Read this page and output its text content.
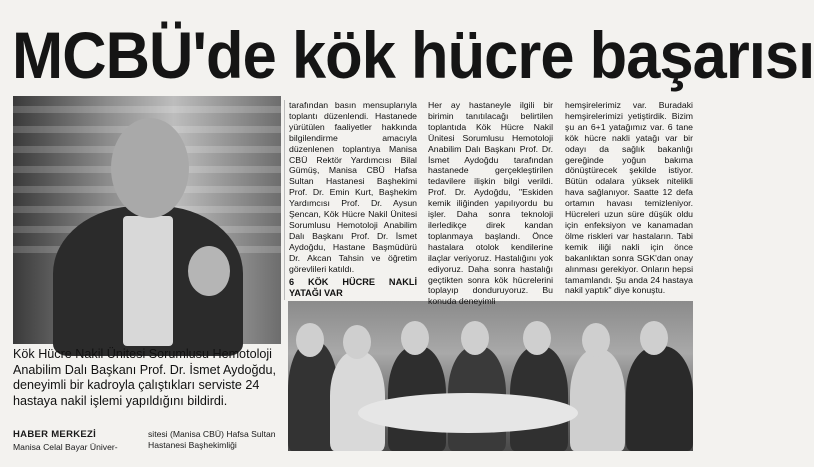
MCBÜ'de kök hücre başarısı

Kök Hücre Nakil Ünitesi Sorumlusu Hemotoloji Anabilim Dalı Başkanı Prof. Dr. İsmet Aydoğdu, deneyimli bir kadroyla çalıştıkları serviste 24 hastaya nakil işlemi yapıldığını bildirdi.

HABER MERKEZİ
Manisa Celal Bayar Üniver-
sitesi (Manisa CBÜ) Hafsa Sultan Hastanesi Başhekimliği

tarafından basın mensuplarıyla toplantı düzenlendi. Hastanede yürütülen faaliyetler hakkında bilgilendirme amacıyla düzenlenen toplantıya Manisa CBÜ Rektör Yardımcısı Bilal Gümüş, Manisa CBÜ Hafsa Sultan Hastanesi Başhekimi Prof. Dr. Emin Kurt, Başhekim Yardımcısı Prof. Dr. Aysun Şencan, Kök Hücre Nakil Ünitesi Sorumlusu Hemotoloji Anabilim Dalı Başkanı Prof. Dr. İsmet Aydoğdu, Hastane Başmüdürü Dr. Akcan Tahsin ve öğretim görevlileri katıldı.

6 KÖK HÜCRE NAKLİ YATAĞI VAR

Her ay hastaneyle ilgili bir birimin tanıtılacağı belirtilen toplantıda Kök Hücre Nakil Ünitesi Sorumlusu Hemotoloji Anabilim Dalı Başkanı Prof. Dr. İsmet Aydoğdu tarafından hastanede gerçekleştirilen tedavilere ilişkin bilgi verildi. Prof. Dr. Aydoğdu, "Eskiden kemik iliğinden yapılıyordu bu işler. Daha sonra teknoloji ilerledikçe direk kandan toplanmaya başlandı. Önce hastalara otolok kendilerine ilaçlar veriyoruz. Hastalığını yok ediyoruz. Daha sonra hastalığı geçtikten sonra kök hücrelerini toplayıp donduruyoruz. Bu konuda deneyimli

hemşirelerimiz var. Buradaki hemşirelerimizi yetiştirdik. Bizim şu an 6+1 yatağımız var. 6 tane kök hücre nakli yatağı var bir odayı da sağlık bakanlığı gereğinde yoğun bakıma dönüştürecek şekilde istiyor. Bütün odalara yüksek nitelikli hava sağlanıyor. Saatte 12 defa ortamın havası temizleniyor. Hücreleri uzun süre düşük oldu için enfeksiyon ve kanamadan ölme riskleri var hastaların. Tabi kemik iliği nakli için önce bakanlıktan sonra SGK'dan onay alınması gerekiyor. Onların hepsi tamamlandı. Şu anda 24 hastaya nakil yaptık" diye konuştu.
